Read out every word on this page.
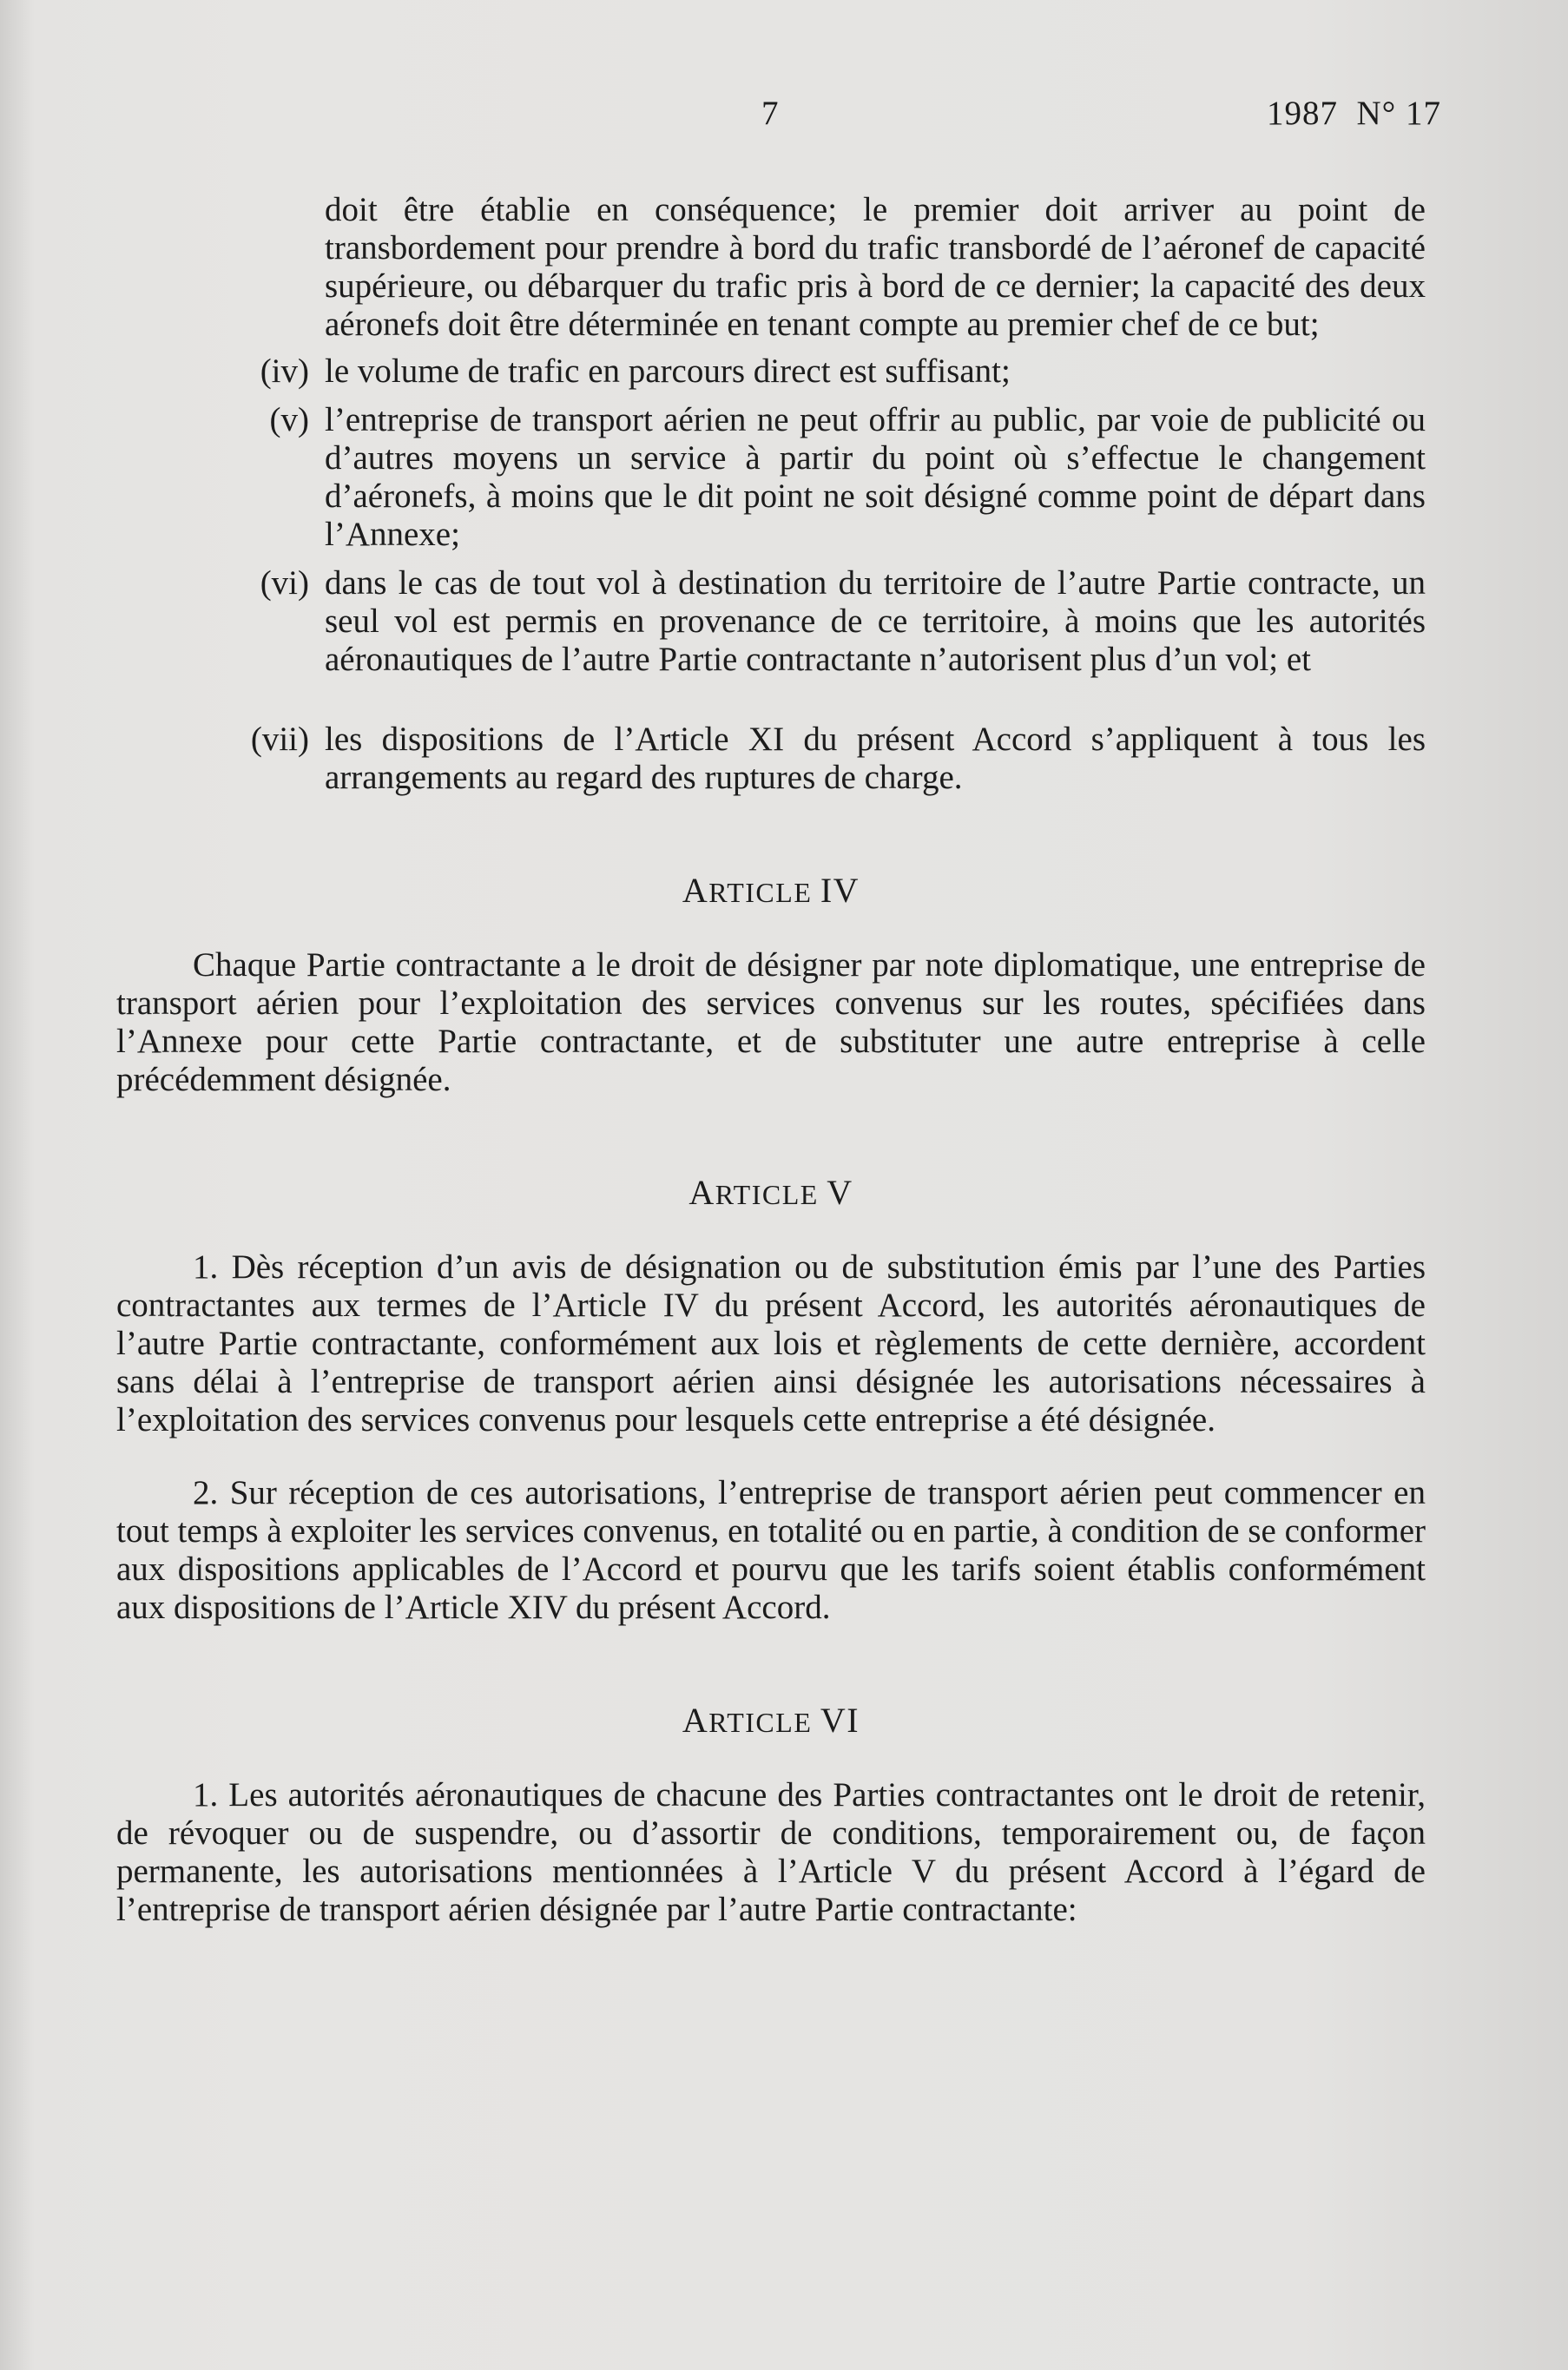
7	1987  N° 17

doit être établie en conséquence; le premier doit arriver au point de transbordement pour prendre à bord du trafic transbordé de l’aéronef de capacité supérieure, ou débarquer du trafic pris à bord de ce dernier; la capacité des deux aéronefs doit être déterminée en tenant compte au premier chef de ce but;

(iv) le volume de trafic en parcours direct est suffisant;
(v) l’entreprise de transport aérien ne peut offrir au public, par voie de publicité ou d’autres moyens un service à partir du point où s’effectue le changement d’aéronefs, à moins que le dit point ne soit désigné comme point de départ dans l’Annexe;
(vi) dans le cas de tout vol à destination du territoire de l’autre Partie contracte, un seul vol est permis en provenance de ce territoire, à moins que les autorités aéronautiques de l’autre Partie contractante n’autorisent plus d’un vol; et
(vii) les dispositions de l’Article XI du présent Accord s’appliquent à tous les arrangements au regard des ruptures de charge.
ARTICLE IV

Chaque Partie contractante a le droit de désigner par note diplomatique, une entreprise de transport aérien pour l’exploitation des services convenus sur les routes, spécifiées dans l’Annexe pour cette Partie contractante, et de substituter une autre entreprise à celle précédemment désignée.

ARTICLE V

1. Dès réception d’un avis de désignation ou de substitution émis par l’une des Parties contractantes aux termes de l’Article IV du présent Accord, les autorités aéronautiques de l’autre Partie contractante, conformément aux lois et règlements de cette dernière, accordent sans délai à l’entreprise de transport aérien ainsi désignée les autorisations nécessaires à l’exploitation des services convenus pour lesquels cette entreprise a été désignée.

2. Sur réception de ces autorisations, l’entreprise de transport aérien peut commencer en tout temps à exploiter les services convenus, en totalité ou en partie, à condition de se conformer aux dispositions applicables de l’Accord et pourvu que les tarifs soient établis conformément aux dispositions de l’Article XIV du présent Accord.

ARTICLE VI

1. Les autorités aéronautiques de chacune des Parties contractantes ont le droit de retenir, de révoquer ou de suspendre, ou d’assortir de conditions, temporairement ou, de façon permanente, les autorisations mentionnées à l’Article V du présent Accord à l’égard de l’entreprise de transport aérien désignée par l’autre Partie contractante:
